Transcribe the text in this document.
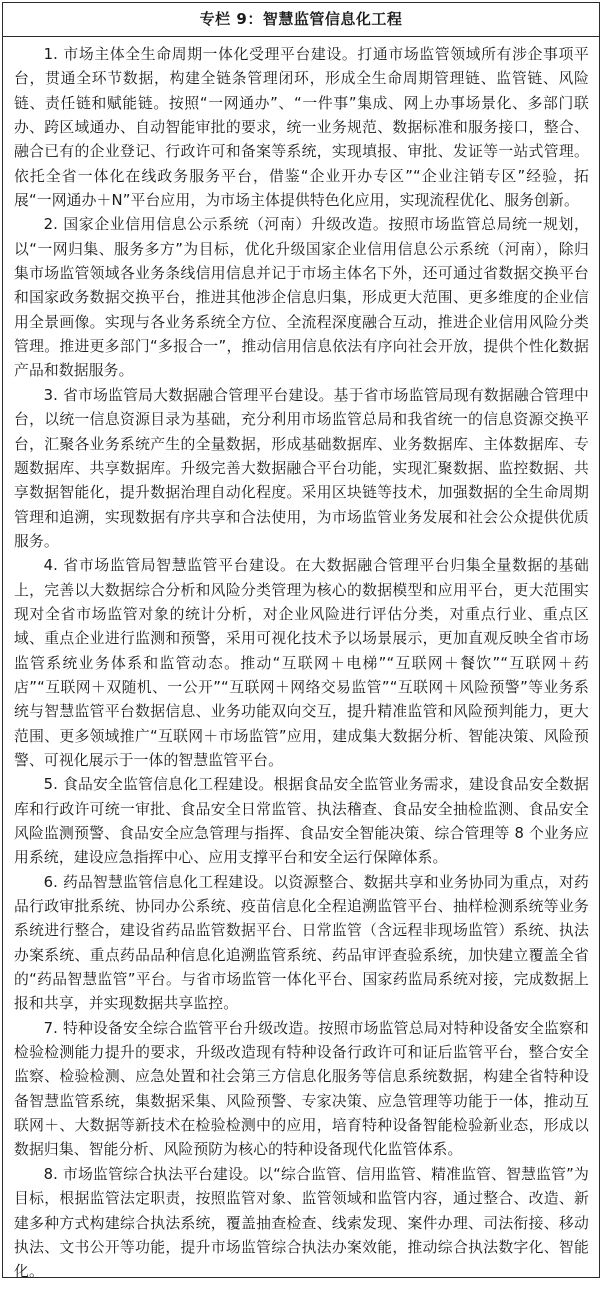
专栏 9：智慧监管信息化工程

1. 市场主体全生命周期一体化受理平台建设。打通市场监管领域所有涉企事项平台，贯通全环节数据，构建全链条管理闭环，形成全生命周期管理链、监管链、风险链、责任链和赋能链。按照“一网通办”、“一件事”集成、网上办事场景化、多部门联办、跨区域通办、自动智能审批的要求，统一业务规范、数据标准和服务接口，整合、融合已有的企业登记、行政许可和备案等系统，实现填报、审批、发证等一站式管理。依托全省一体化在线政务服务平台，借鉴“企业开办专区”“企业注销专区”经验，拓展“一网通办＋N”平台应用，为市场主体提供特色化应用，实现流程优化、服务创新。

2. 国家企业信用信息公示系统（河南）升级改造。按照市场监管总局统一规划，以“一网归集、服务多方”为目标，优化升级国家企业信用信息公示系统（河南），除归集市场监管领域各业务条线信用信息并记于市场主体名下外，还可通过省数据交换平台和国家政务数据交换平台，推进其他涉企信息归集，形成更大范围、更多维度的企业信用全景画像。实现与各业务系统全方位、全流程深度融合互动，推进企业信用风险分类管理。推进更多部门“多报合一”，推动信用信息依法有序向社会开放，提供个性化数据产品和数据服务。

3. 省市场监管局大数据融合管理平台建设。基于省市场监管局现有数据融合管理中台，以统一信息资源目录为基础，充分利用市场监管总局和我省统一的信息资源交换平台，汇聚各业务系统产生的全量数据，形成基础数据库、业务数据库、主体数据库、专题数据库、共享数据库。升级完善大数据融合平台功能，实现汇聚数据、监控数据、共享数据智能化，提升数据治理自动化程度。采用区块链等技术，加强数据的全生命周期管理和追溯，实现数据有序共享和合法使用，为市场监管业务发展和社会公众提供优质服务。

4. 省市场监管局智慧监管平台建设。在大数据融合管理平台归集全量数据的基础上，完善以大数据综合分析和风险分类管理为核心的数据模型和应用平台，更大范围实现对全省市场监管对象的统计分析，对企业风险进行评估分类，对重点行业、重点区域、重点企业进行监测和预警，采用可视化技术予以场景展示，更加直观反映全省市场监管系统业务体系和监管动态。推动“互联网＋电梯”“互联网＋餐饮”“互联网＋药店”“互联网＋双随机、一公开”“互联网＋网络交易监管”“互联网＋风险预警”等业务系统与智慧监管平台数据信息、业务功能双向交互，提升精准监管和风险预判能力，更大范围、更多领域推广“互联网＋市场监管”应用，建成集大数据分析、智能决策、风险预警、可视化展示于一体的智慧监管平台。

5. 食品安全监管信息化工程建设。根据食品安全监管业务需求，建设食品安全数据库和行政许可统一审批、食品安全日常监管、执法稽查、食品安全抽检监测、食品安全风险监测预警、食品安全应急管理与指挥、食品安全智能决策、综合管理等 8 个业务应用系统，建设应急指挥中心、应用支撑平台和安全运行保障体系。

6. 药品智慧监管信息化工程建设。以资源整合、数据共享和业务协同为重点，对药品行政审批系统、协同办公系统、疫苗信息化全程追溯监管平台、抽样检测系统等业务系统进行整合，建设省药品监管数据平台、日常监管（含远程非现场监管）系统、执法办案系统、重点药品品种信息化追溯监管系统、药品审评查验系统，加快建立覆盖全省的“药品智慧监管”平台。与省市场监管一体化平台、国家药监局系统对接，完成数据上报和共享，并实现数据共享监控。

7. 特种设备安全综合监管平台升级改造。按照市场监管总局对特种设备安全监察和检验检测能力提升的要求，升级改造现有特种设备行政许可和证后监管平台，整合安全监察、检验检测、应急处置和社会第三方信息化服务等信息系统数据，构建全省特种设备智慧监管系统，集数据采集、风险预警、专家决策、应急管理等功能于一体，推动互联网＋、大数据等新技术在检验检测中的应用，培育特种设备智能检验新业态，形成以数据归集、智能分析、风险预防为核心的特种设备现代化监管体系。

8. 市场监管综合执法平台建设。以“综合监管、信用监管、精准监管、智慧监管”为目标，根据监管法定职责，按照监管对象、监管领域和监管内容，通过整合、改造、新建多种方式构建综合执法系统，覆盖抽查检查、线索发现、案件办理、司法衔接、移动执法、文书公开等功能，提升市场监管综合执法办案效能，推动综合执法数字化、智能化。
